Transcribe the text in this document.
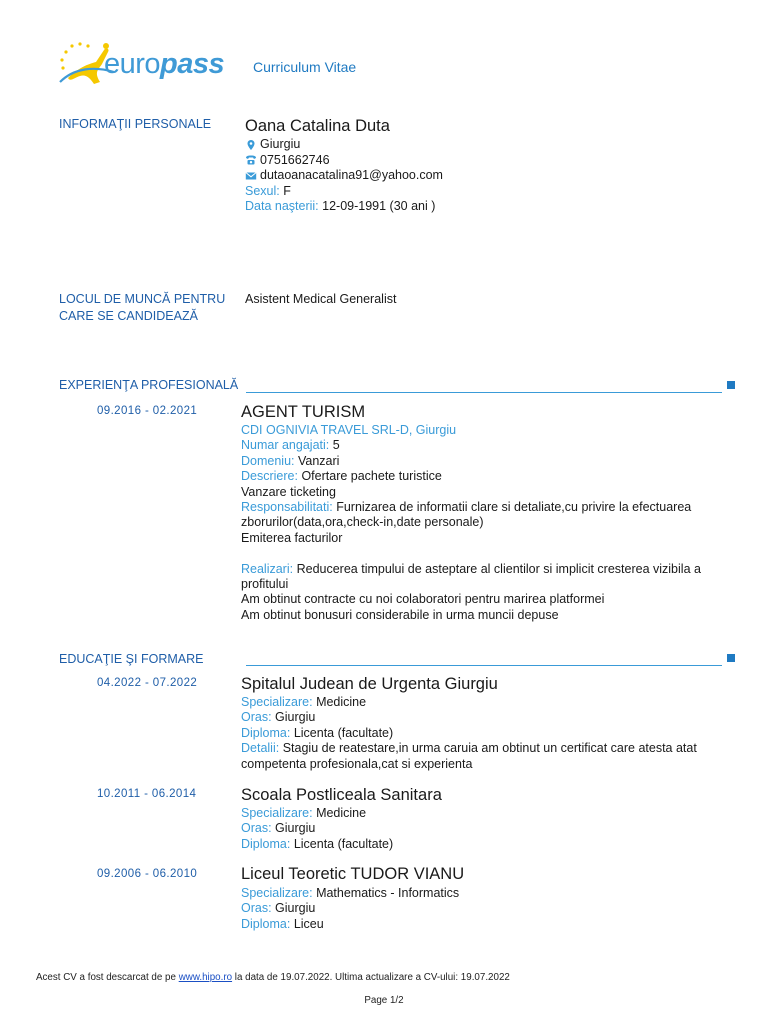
europass Curriculum Vitae
INFORMAŢII PERSONALE Oana Catalina Duta
Giurgiu
0751662746
dutaoanacatalina91@yahoo.com
Sexul: F
Data naşterii: 12-09-1991 (30 ani )
LOCUL DE MUNCĂ PENTRU
CARE SE CANDIDEAZĂ
Asistent Medical Generalist
EXPERIENŢA PROFESIONALĂ
09.2016 - 02.2021	AGENT TURISM
CDI OGNIVIA TRAVEL SRL-D, Giurgiu
Numar angajati: 5
Domeniu: Vanzari
Descriere: Ofertare pachete turistice
Vanzare ticketing
Responsabilitati: Furnizarea de informatii clare si detaliate,cu privire la efectuarea
zborurilor(data,ora,check-in,date personale)
Emiterea facturilor
Realizari: Reducerea timpului de asteptare al clientilor si implicit cresterea vizibila a
profitului
Am obtinut contracte cu noi colaboratori pentru marirea platformei
Am obtinut bonusuri considerabile in urma muncii depuse
EDUCAŢIE ŞI FORMARE
04.2022 - 07.2022	Spitalul Judean de Urgenta Giurgiu
Specializare: Medicine
Oras: Giurgiu
Diploma: Licenta (facultate)
Detalii: Stagiu de reatestare,in urma caruia am obtinut un certificat care atesta atat
competenta profesionala,cat si experienta
10.2011 - 06.2014	Scoala Postliceala Sanitara
Specializare: Medicine
Oras: Giurgiu
Diploma: Licenta (facultate)
09.2006 - 06.2010	Liceul Teoretic TUDOR VIANU
Specializare: Mathematics - Informatics
Oras: Giurgiu
Diploma: Liceu
Acest CV a fost descarcat de pe www.hipo.ro la data de 19.07.2022. Ultima actualizare a CV-ului: 19.07.2022
Page 1/2
